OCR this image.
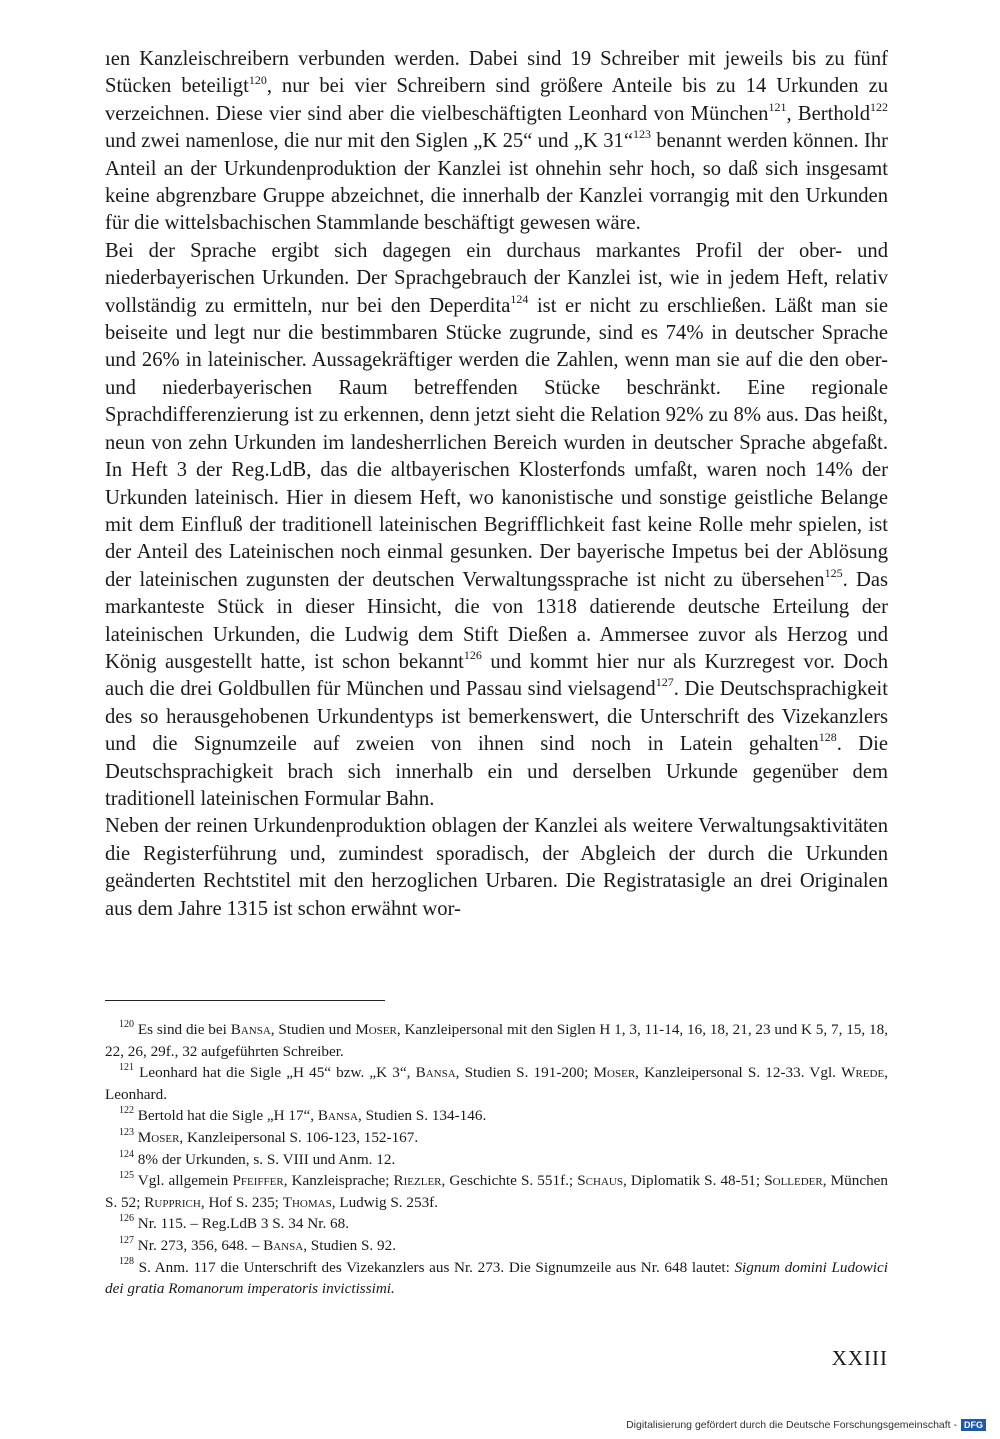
ıen Kanzleischreibern verbunden werden. Dabei sind 19 Schreiber mit jeweils bis zu fünf Stücken beteiligt$^{120}$, nur bei vier Schreibern sind größere Anteile bis zu 14 Urkunden zu verzeichnen. Diese vier sind aber die vielbeschäftigten Leonhard von München$^{121}$, Berthold$^{122}$ und zwei namenlose, die nur mit den Siglen „K 25“ und „K 31“$^{123}$ benannt werden können. Ihr Anteil an der Urkundenproduktion der Kanzlei ist ohnehin sehr hoch, so daß sich insgesamt keine abgrenzbare Gruppe abzeichnet, die innerhalb der Kanzlei vorrangig mit den Urkunden für die wittelsbachischen Stammlande beschäftigt gewesen wäre.

Bei der Sprache ergibt sich dagegen ein durchaus markantes Profil der ober- und niederbayerischen Urkunden. Der Sprachgebrauch der Kanzlei ist, wie in jedem Heft, relativ vollständig zu ermitteln, nur bei den Deperdita$^{124}$ ist er nicht zu erschließen. Läßt man sie beiseite und legt nur die bestimmbaren Stücke zugrunde, sind es 74% in deutscher Sprache und 26% in lateinischer. Aussagekräftiger werden die Zahlen, wenn man sie auf die den ober- und niederbayerischen Raum betreffenden Stücke beschränkt. Eine regionale Sprachdifferenzierung ist zu erkennen, denn jetzt sieht die Relation 92% zu 8% aus. Das heißt, neun von zehn Urkunden im landesherrlichen Bereich wurden in deutscher Sprache abgefaßt. In Heft 3 der Reg.LdB, das die altbayerischen Klosterfonds umfaßt, waren noch 14% der Urkunden lateinisch. Hier in diesem Heft, wo kanonistische und sonstige geistliche Belange mit dem Einfluß der traditionell lateinischen Begrifflichkeit fast keine Rolle mehr spielen, ist der Anteil des Lateinischen noch einmal gesunken. Der bayerische Impetus bei der Ablösung der lateinischen zugunsten der deutschen Verwaltungssprache ist nicht zu übersehen$^{125}$. Das markanteste Stück in dieser Hinsicht, die von 1318 datierende deutsche Erteilung der lateinischen Urkunden, die Ludwig dem Stift Dießen a. Ammersee zuvor als Herzog und König ausgestellt hatte, ist schon bekannt$^{126}$ und kommt hier nur als Kurzregest vor. Doch auch die drei Goldbullen für München und Passau sind vielsagend$^{127}$. Die Deutschsprachigkeit des so herausgehobenen Urkundentyps ist bemerkenswert, die Unterschrift des Vizekanzlers und die Signumzeile auf zweien von ihnen sind noch in Latein gehalten$^{128}$. Die Deutschsprachigkeit brach sich innerhalb ein und derselben Urkunde gegenüber dem traditionell lateinischen Formular Bahn.

Neben der reinen Urkundenproduktion oblagen der Kanzlei als weitere Verwaltungsaktivitäten die Registerführung und, zumindest sporadisch, der Abgleich der durch die Urkunden geänderten Rechtstitel mit den herzoglichen Urbaren. Die Registratasigle an drei Originalen aus dem Jahre 1315 ist schon erwähnt wor-

$^{120}$ Es sind die bei Bansa, Studien und Moser, Kanzleipersonal mit den Siglen H 1, 3, 11-14, 16, 18, 21, 23 und K 5, 7, 15, 18, 22, 26, 29f., 32 aufgeführten Schreiber.

$^{121}$ Leonhard hat die Sigle „H 45“ bzw. „K 3“, Bansa, Studien S. 191-200; Moser, Kanzleipersonal S. 12-33. Vgl. Wrede, Leonhard.

$^{122}$ Bertold hat die Sigle „H 17“, Bansa, Studien S. 134-146.

$^{123}$ Moser, Kanzleipersonal S. 106-123, 152-167.

$^{124}$ 8% der Urkunden, s. S. VIII und Anm. 12.

$^{125}$ Vgl. allgemein Pfeiffer, Kanzleisprache; Riezler, Geschichte S. 551f.; Schaus, Diplomatik S. 48-51; Solleder, München S. 52; Rupprich, Hof S. 235; Thomas, Ludwig S. 253f.

$^{126}$ Nr. 115. – Reg.LdB 3 S. 34 Nr. 68.

$^{127}$ Nr. 273, 356, 648. – Bansa, Studien S. 92.

$^{128}$ S. Anm. 117 die Unterschrift des Vizekanzlers aus Nr. 273. Die Signumzeile aus Nr. 648 lautet: Signum domini Ludowici dei gratia Romanorum imperatoris invictissimi.

XXIII
Digitalisierung gefördert durch die Deutsche Forschungsgemeinschaft - DFG
